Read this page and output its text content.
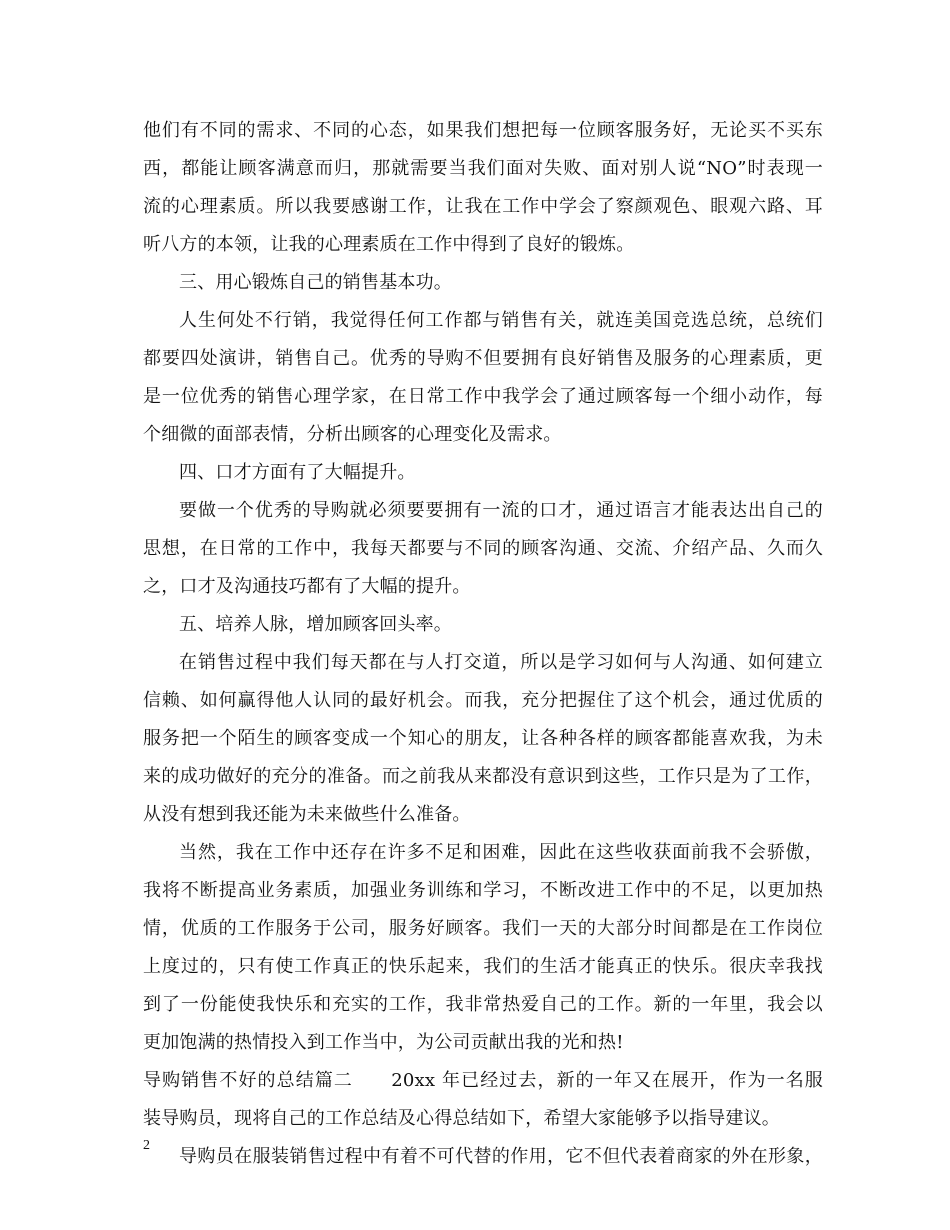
他们有不同的需求、不同的心态，如果我们想把每一位顾客服务好，无论买不买东
西，都能让顾客满意而归，那就需要当我们面对失败、面对别人说“NO”时表现一
流的心理素质。所以我要感谢工作，让我在工作中学会了察颜观色、眼观六路、耳
听八方的本领，让我的心理素质在工作中得到了良好的锻炼。
三、用心锻炼自己的销售基本功。
人生何处不行销，我觉得任何工作都与销售有关，就连美国竞选总统，总统们
都要四处演讲，销售自己。优秀的导购不但要拥有良好销售及服务的心理素质，更
是一位优秀的销售心理学家，在日常工作中我学会了通过顾客每一个细小动作，每
个细微的面部表情，分析出顾客的心理变化及需求。
四、口才方面有了大幅提升。
要做一个优秀的导购就必须要要拥有一流的口才，通过语言才能表达出自己的
思想，在日常的工作中，我每天都要与不同的顾客沟通、交流、介绍产品、久而久
之，口才及沟通技巧都有了大幅的提升。
五、培养人脉，增加顾客回头率。
在销售过程中我们每天都在与人打交道，所以是学习如何与人沟通、如何建立
信赖、如何赢得他人认同的最好机会。而我，充分把握住了这个机会，通过优质的
服务把一个陌生的顾客变成一个知心的朋友，让各种各样的顾客都能喜欢我，为未
来的成功做好的充分的准备。而之前我从来都没有意识到这些，工作只是为了工作，
从没有想到我还能为未来做些什么准备。
当然，我在工作中还存在许多不足和困难，因此在这些收获面前我不会骄傲，
我将不断提高业务素质，加强业务训练和学习，不断改进工作中的不足，以更加热
情，优质的工作服务于公司，服务好顾客。我们一天的大部分时间都是在工作岗位
上度过的，只有使工作真正的快乐起来，我们的生活才能真正的快乐。很庆幸我找
到了一份能使我快乐和充实的工作，我非常热爱自己的工作。新的一年里，我会以
更加饱满的热情投入到工作当中，为公司贡献出我的光和热!
导购销售不好的总结篇二　　20xx 年已经过去，新的一年又在展开，作为一名服
装导购员，现将自己的工作总结及心得总结如下，希望大家能够予以指导建议。
导购员在服装销售过程中有着不可代替的作用，它不但代表着商家的外在形象，
2
